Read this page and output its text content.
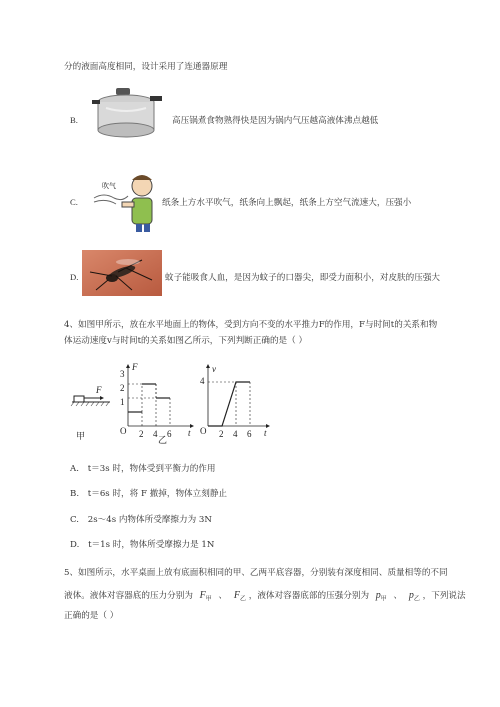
分的液面高度相同，设计采用了连通器原理
B.	高压锅煮食物熟得快是因为锅内气压越高液体沸点越低
C.
吹气
纸条上方水平吹气，纸条向上飘起，纸条上方空气流速大，压强小
D.	蚊子能吸食人血，是因为蚊子的口器尖，即受力面积小，对皮肤的压强大
4、如图甲所示，放在水平地面上的物体，受到方向不变的水平推力F的作用，F与时间t的关系和物
体运动速度v与时间t的关系如图乙所示，下列判断正确的是（ ）
F
甲
O	t
F
1
2
3
2 4 6
乙
O	t
v
4
2 4 6
A. t＝3s 时，物体受到平衡力的作用
B. t＝6s 时，将 F 撤掉，物体立刻静止
C. 2s～4s 内物体所受摩擦力为 3N
D. t＝1s 时，物体所受摩擦力是 1N
5、如图所示，水平桌面上放有底面积相同的甲、乙两平底容器，分别装有深度相同、质量相等的不同
液体。液体对容器底的压力分别为 $F_甲$ 、 $F_乙$ ，液体对容器底部的压强分别为 $p_甲$ 、 $p_乙$ ，下列说法
正确的是（ ）
